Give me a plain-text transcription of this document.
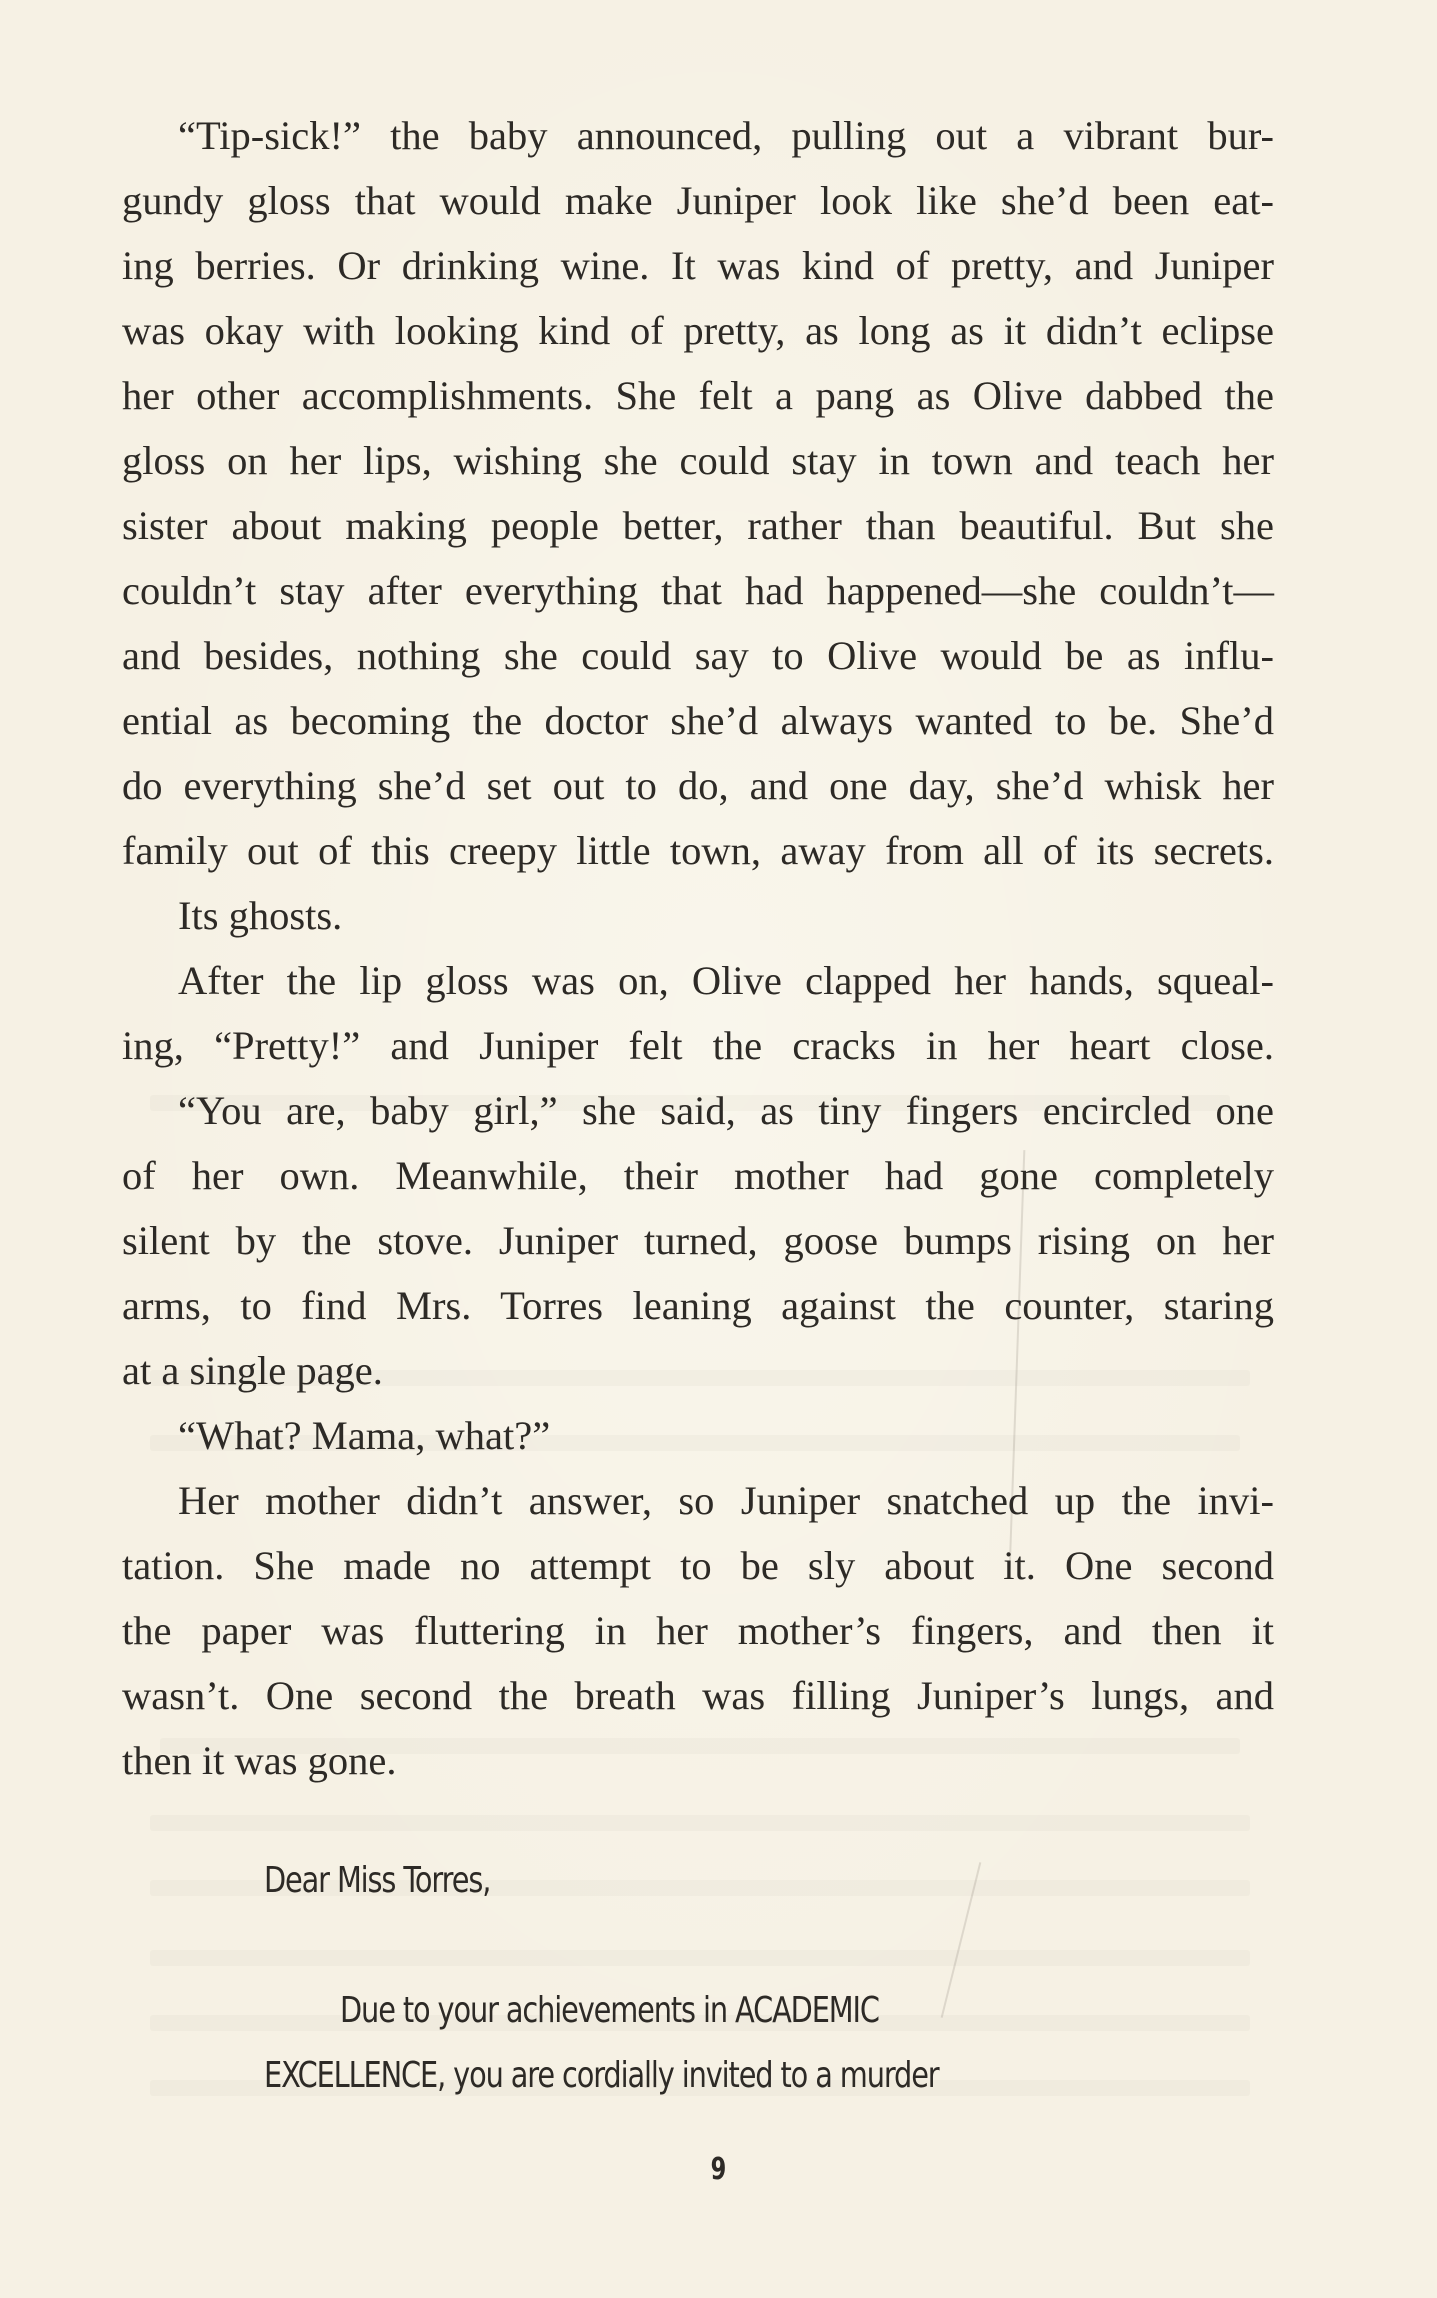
“Tip-sick!” the baby announced, pulling out a vibrant bur-
gundy gloss that would make Juniper look like she’d been eat-
ing berries. Or drinking wine. It was kind of pretty, and Juniper
was okay with looking kind of pretty, as long as it didn’t eclipse
her other accomplishments. She felt a pang as Olive dabbed the
gloss on her lips, wishing she could stay in town and teach her
sister about making people better, rather than beautiful. But she
couldn’t stay after everything that had happened—she couldn’t—
and besides, nothing she could say to Olive would be as influ-
ential as becoming the doctor she’d always wanted to be. She’d
do everything she’d set out to do, and one day, she’d whisk her
family out of this creepy little town, away from all of its secrets.
Its ghosts.
After the lip gloss was on, Olive clapped her hands, squeal-
ing, “Pretty!” and Juniper felt the cracks in her heart close.
“You are, baby girl,” she said, as tiny fingers encircled one
of her own. Meanwhile, their mother had gone completely
silent by the stove. Juniper turned, goose bumps rising on her
arms, to find Mrs. Torres leaning against the counter, staring
at a single page.
“What? Mama, what?”
Her mother didn’t answer, so Juniper snatched up the invi-
tation. She made no attempt to be sly about it. One second
the paper was fluttering in her mother’s fingers, and then it
wasn’t. One second the breath was filling Juniper’s lungs, and
then it was gone.
Dear Miss Torres,
Due to your achievements in ACADEMIC
EXCELLENCE, you are cordially invited to a murder
9
